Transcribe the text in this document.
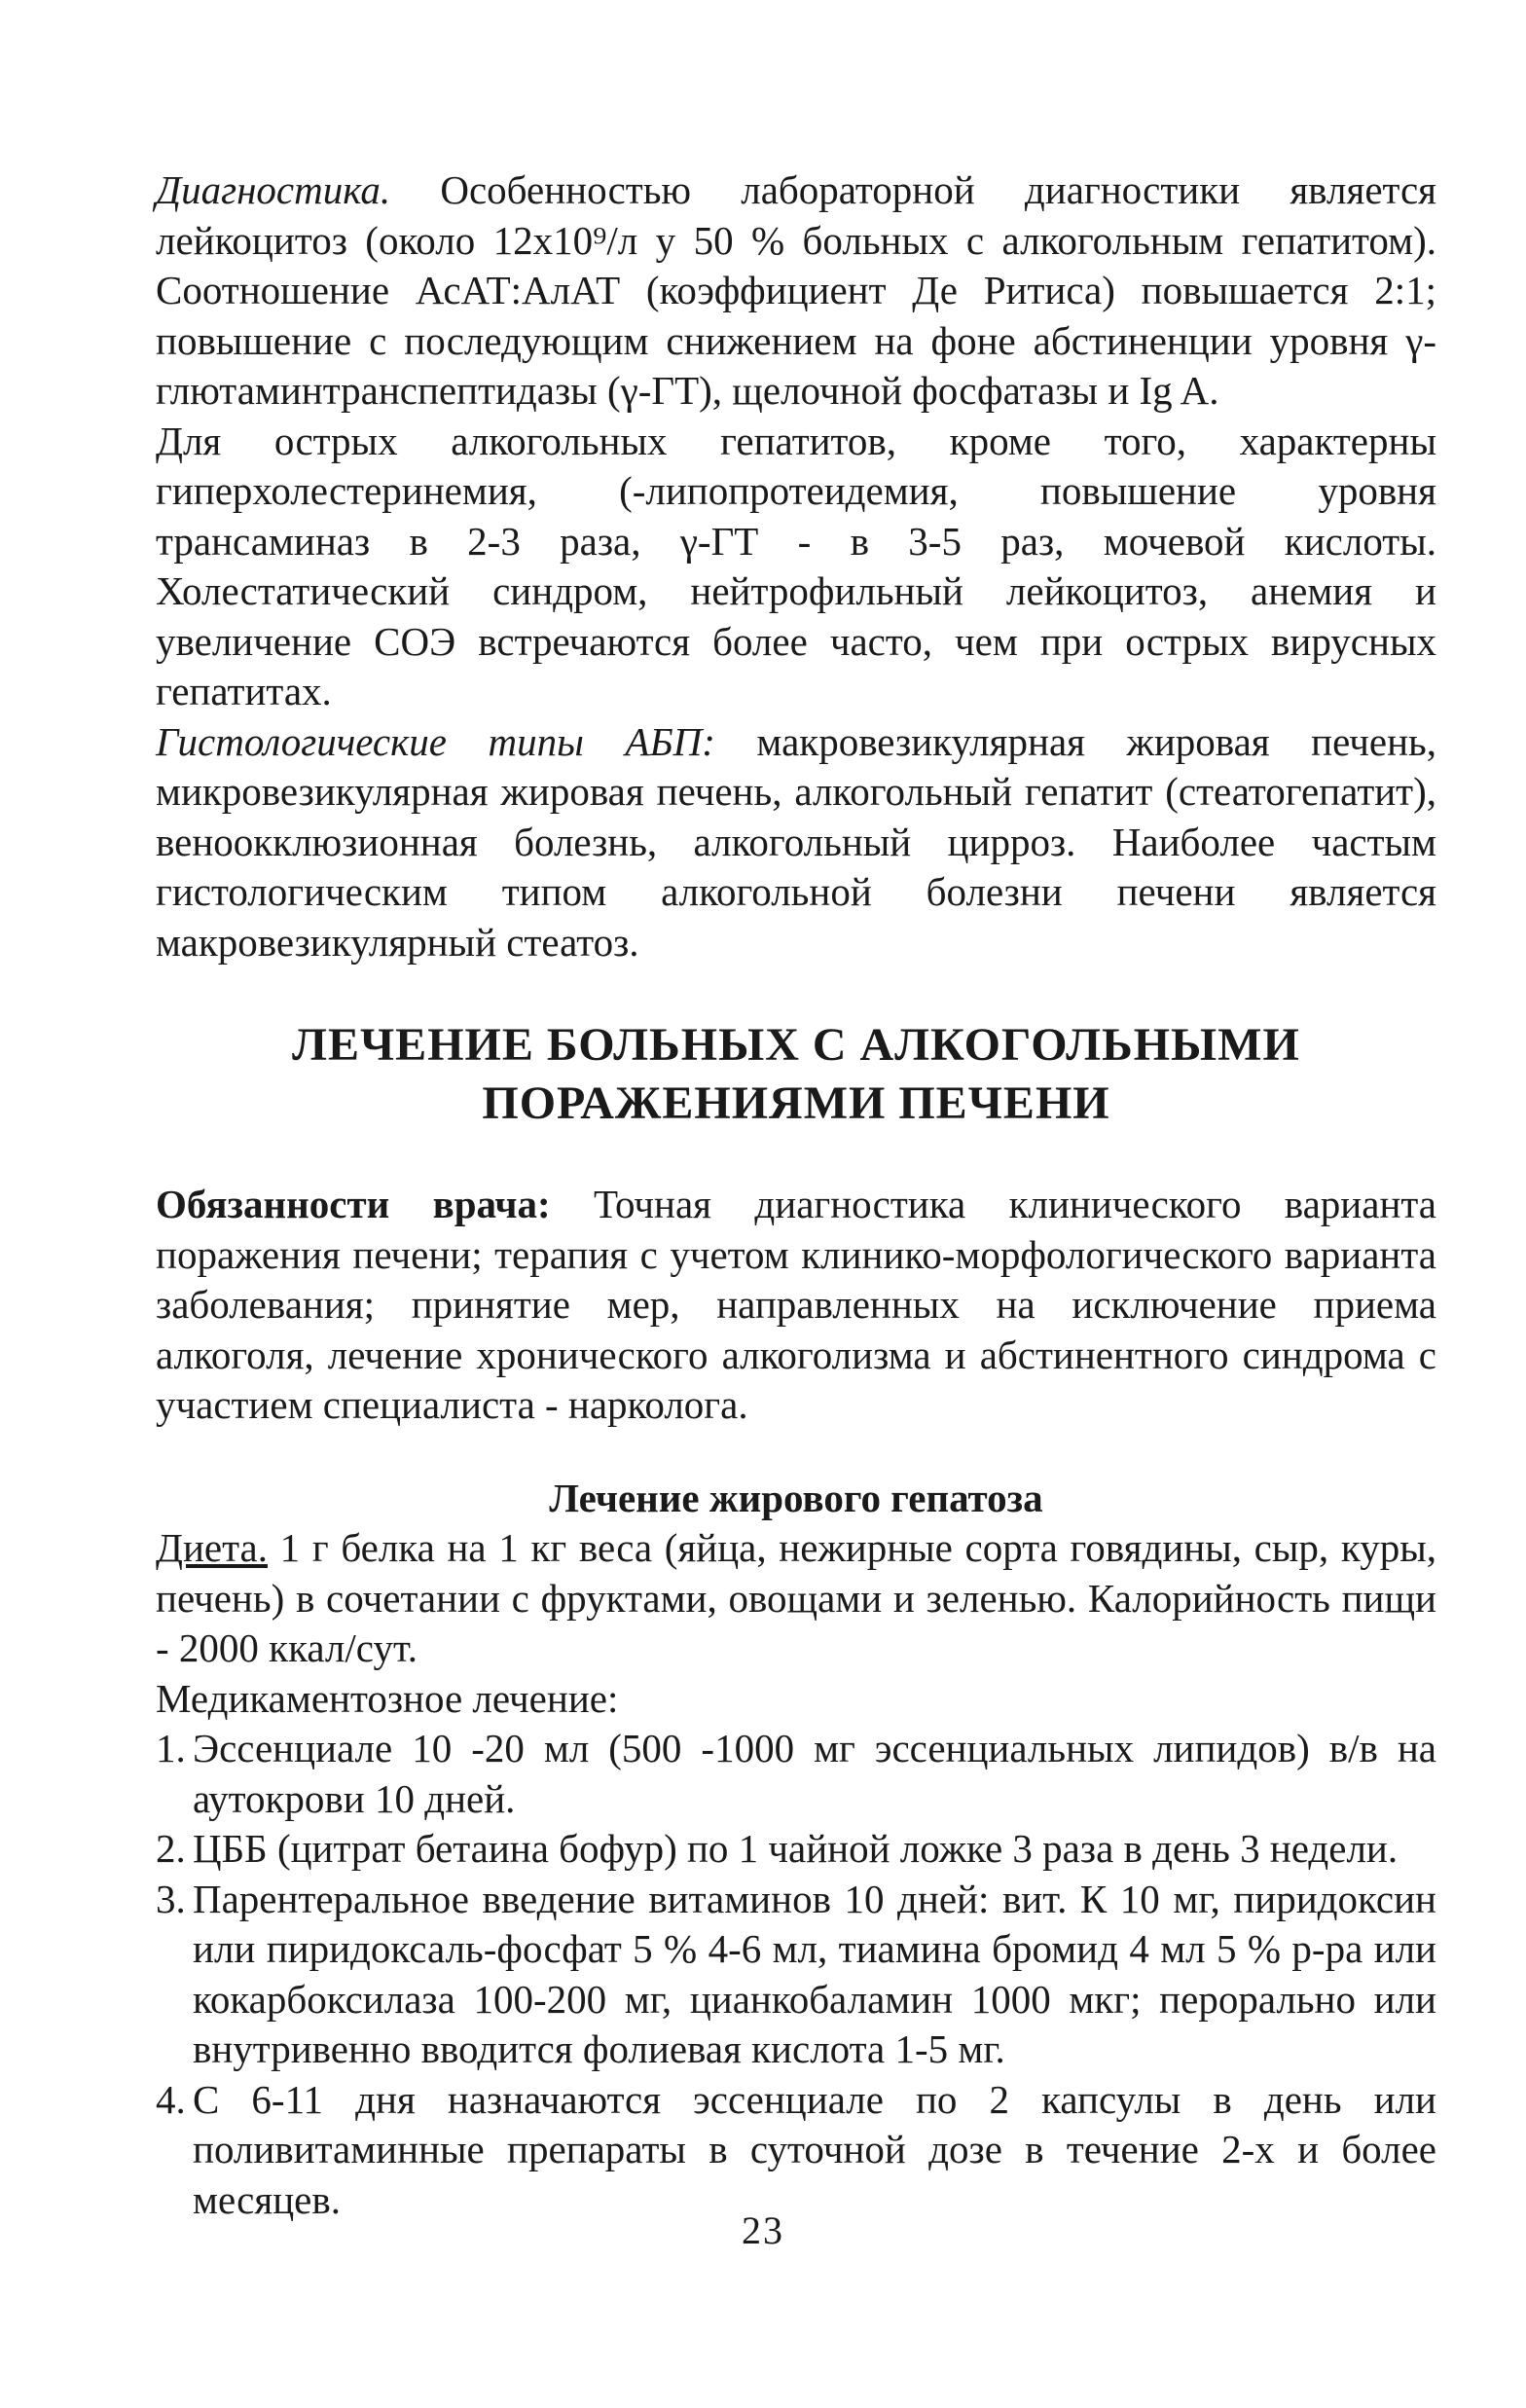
Диагностика. Особенностью лабораторной диагностики является лейкоцитоз (около 12x10⁹/л у 50 % больных с алкогольным гепатитом). Соотношение АсАТ:АлАТ (коэффициент Де Ритиса) повышается 2:1; повышение с последующим снижением на фоне абстиненции уровня γ-глютаминтранспептидазы (γ-ГТ), щелочной фосфатазы и Ig A.

Для острых алкогольных гепатитов, кроме того, характерны гиперхолестеринемия, (-липопротеидемия, повышение уровня трансаминаз в 2-3 раза, γ-ГТ - в 3-5 раз, мочевой кислоты. Холестатический синдром, нейтрофильный лейкоцитоз, анемия и увеличение СОЭ встречаются более часто, чем при острых вирусных гепатитах.

Гистологические типы АБП: макровезикулярная жировая печень, микровезикулярная жировая печень, алкогольный гепатит (стеатогепатит), веноокклюзионная болезнь, алкогольный цирроз. Наиболее частым гистологическим типом алкогольной болезни печени является макровезикулярный стеатоз.

ЛЕЧЕНИЕ БОЛЬНЫХ С АЛКОГОЛЬНЫМИ
ПОРАЖЕНИЯМИ ПЕЧЕНИ

Обязанности врача: Точная диагностика клинического варианта поражения печени; терапия с учетом клинико-морфологического варианта заболевания; принятие мер, направленных на исключение приема алкоголя, лечение хронического алкоголизма и абстинентного синдрома с участием специалиста - нарколога.

Лечение жирового гепатоза

Диета. 1 г белка на 1 кг веса (яйца, нежирные сорта говядины, сыр, куры, печень) в сочетании с фруктами, овощами и зеленью. Калорийность пищи - 2000 ккал/сут.

Медикаментозное лечение:

1. Эссенциале 10 -20 мл (500 -1000 мг эссенциальных липидов) в/в на аутокрови 10 дней.
2. ЦББ (цитрат бетаина бофур) по 1 чайной ложке 3 раза в день 3 недели.
3. Парентеральное введение витаминов 10 дней: вит. К 10 мг, пиридоксин или пиридоксаль-фосфат 5 % 4-6 мл, тиамина бромид 4 мл 5 % р-ра или кокарбоксилаза 100-200 мг, цианкобаламин 1000 мкг; перорально или внутривенно вводится фолиевая кислота 1-5 мг.
4. С 6-11 дня назначаются эссенциале по 2 капсулы в день или поливитаминные препараты в суточной дозе в течение 2-х и более месяцев.
23
